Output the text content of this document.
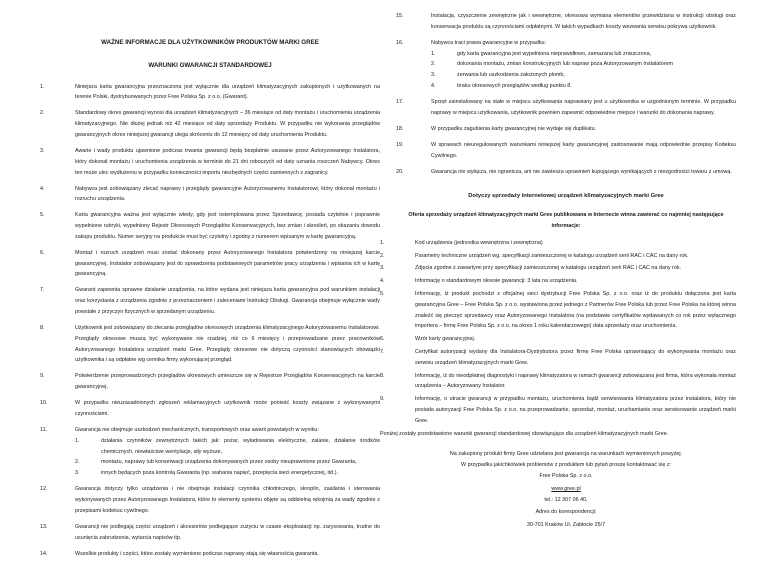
WAŻNE INFORMACJE DLA UŻYTKOWNIKÓW PRODUKTÓW MARKI GREE
WARUNKI GWARANCJI STANDARDOWEJ
1.	Niniejsza karta gwarancyjna przeznaczona jest wyłącznie dla urządzeń klimatyzacyjnych zakupionych i użytkowanych na terenie Polski, dystrybuowanych przez Free Polska Sp. z o.o. (Gwarant).
2.	Standardowy okres gwarancji wynosi dla urządzeń klimatyzacyjnych – 36 miesiące od daty montażu i uruchomienia urządzenia klimatyzacyjnego. Nie dłużej jednak niż 42 miesiące od daty sprzedaży Produktu. W przypadku nie wykonania przeglądów gwarancyjnych okres niniejszej gwarancji ulega skróceniu do 12 miesięcy od daty uruchomienia Produktu.
3.	Awarie i wady produktu ujawnione podczas trwania gwarancji będą bezpłatnie usuwane przez Autoryzowanego Instalatora, który dokonał montażu i uruchomienia urządzenia w terminie do 21 dni roboczych od daty uznania roszczeń Nabywcy. Okres ten może ulec wydłużeniu w przypadku konieczności importu niezbędnych części zamiennych z zagranicy.
4.	Nabywca jest zobowiązany zlecać naprawy i przeglądy gwarancyjne Autoryzowanemu Instalatorowi, który dokonał montażu i rozruchu urządzenia.
5.	Karta gwarancyjna ważna jest wyłącznie wtedy, gdy jest ostemplowana przez Sprzedawcę, posiada czytelnie i poprawnie wypełnione rubryki, wypełniony Rejestr Okresowych Przeglądów Konserwacyjnych, bez zmian i skreśleń, po okazaniu dowodu zakupu produktu. Numer seryjny na produkcie musi być czytelny i zgodny z numerem wpisanym w kartę gwarancyjną.
6.	Montaż i rozruch urządzeń musi zostać dokonany przez Autoryzowanego Instalatora potwierdzony na niniejszej karcie gwarancyjnej. Instalator zobowiązany jest do sprawdzenia podstawowych parametrów pracy urządzenia i wpisania ich w kartę gwarancyjną.
7.	Gwarant zapewnia sprawne działanie urządzenia, na które wydana jest niniejsza karta gwarancyjna pod warunkiem instalacji oraz korzystania z urządzenia zgodnie z przeznaczeniem i zaleceniami Instrukcji Obsługi. Gwarancja obejmuje wyłącznie wady powstałe z przyczyn fizycznych w sprzedanym urządzeniu.
8.	Użytkownik jest zobowiązany do zlecania przeglądów okresowych urządzenia klimatyzacyjnego Autoryzowanemu Instalatorowi. Przeglądy okresowe muszą być wykonywane nie rzadziej, niż co 6 miesięcy i przeprowadzane przez pracowników Autoryzowanego Instalatora urządzeń marki Gree. Przeglądy okresowe nie dotyczą czynności stanowiących obowiązki użytkownika i są odpłatne wg cennika firmy wykonującej przegląd.
9.	Potwierdzenie przeprowadzonych przeglądów okresowych umieszcze się w Rejestrze Przeglądów Konserwacyjnych na karcie gwarancyjnej.
10.	W przypadku nieuzasadnionych zgłoszeń reklamacyjnych użytkownik może ponieść koszty związane z wykonywanymi czynnościami.
11.	Gwarancja nie obejmuje uszkodzeń mechanicznych, transportowych oraz awarii powstałych w wyniku:
1.	działania czynników zewnętrznych takich jak: pożar, wyładowania elektryczne, zalanie, działanie środków chemicznych, niewłaściwe wentylacje, siły wyższe,
2.	montażu, naprawy lub konserwacji urządzenia dokonywanych przez osoby nieuprawnione przez Gwaranta,
3.	innych będących poza kontrolą Gwaranta (np. wahania napięć, przepięcia sieci energetycznej, itd.).
12.	Gwarancja dotyczy tylko urządzenia i nie obejmuje instalacji czynnika chłodniczego, skroplin, zasilania i sterowania wykonywanych przez Autoryzowanego Instalatora, które to elementy systemu objęte są oddzielną rękojmią za wady zgodnie z przepisami kodeksu cywilnego.
13.	Gwarancji nie podlegają części urządzeń i akcesoriów podlegające zużyciu w czasie eksploatacji np. zarysowania, trudne do usunięcia zabrudzenia, wytarcia napisów itp.
14.	Wszelkie produkty i części, które zostały wymienione podczas naprawy stają się własnością gwaranta.
15.	Instalacja, czyszczenie zewnętrzne jak i wewnętrzne, okresowa wymiana elementów przewidziana w instrukcji obsługi oraz konserwacja produktu są czynnościami odpłatnymi. W takich wypadkach koszty wezwania serwisu pokrywa użytkownik.
16.	Nabywca traci prawa gwarancyjne w przypadku:
1.	gdy karta gwarancyjna jest wypełniona nieprawidłowo, zamazana lub zniszczona,
2.	dokonania montażu, zmian konstrukcyjnych lub napraw poza Autoryzowanym Instalatorem
3.	zerwania lub uszkodzenia założonych plomb,
4.	braku okresowych przeglądów według punktu 8.
17.	Sprzęt zainstalowany na stałe w miejscu użytkowania naprawiany jest u użytkownika w uzgodnionym terminie. W przypadku naprawy w miejscu użytkowania, użytkownik powinien zapewnić odpowiednie miejsce i warunki do dokonania naprawy.
18.	W przypadku zagubienia karty gwarancyjnej nie wydaje się duplikatu.
19.	W sprawach nieuregulowanych warunkami niniejszej karty gwarancyjnej zastosowanie mają odpowiednie przepisy Kodeksu Cywilnego.
20.	Gwarancja nie wyłącza, nie ogranicza, ani nie zawiesza uprawnień kupującego wynikających z niezgodności towaru z umową.
Dotyczy sprzedaży internetowej urządzeń klimatyzacyjnych marki Gree
Oferta sprzedaży urządzeń klimatyzacyjnych marki Gree publikowana w Internecie winna zawierać co najmniej następujące informacje:
1.	Kod urządzenia (jednostka wewnętrzna i zewnętrzna)
2.	Parametry techniczne urządzeń wg. specyfikacji zamieszczonej w katalogu urządzeń serii RAC i CAC na dany rok.
3.	Zdjęcia zgodne z zawartymi przy specyfikacji zamieszczonej w katalogu urządzeń serii RAC i CAC na dany rok.
4.	Informację o standardowym okresie gwarancji: 3 lata na urządzenia.
5.	Informację, iż produkt pochodzi z oficjalnej sieci dystrybucji Free Polska Sp. z o.o. oraz iż do produktu dołączona jest karta gwarancyjna Gree – Free Polska Sp. z o.o. wystawiona przez jednego z Partnerów Free Polska lub przez Free Polska na której winna znaleźć się pieczęć sprzedawcy oraz Autoryzowanego Instalatora (na podstawie certyfikatów wydawanych co rok przez wyłącznego importera – firmę Free Polska Sp. z o.o. na okres 1 roku kalendarzowego) data sprzedaży oraz uruchomienia.
6.	Wzór karty gwarancyjnej.
7.	Certyfikat autoryzacji wydany dla Instalatora-Dystrybutora przez firmę Free Polska uprawniający do wykonywania montażu oraz serwisu urządzeń klimatyzacyjnych marki Gree.
8.	Informację, iż do nieodpłatnej diagnostyki i naprawy klimatyzatora w ramach gwarancji zobowiązana jest firma, która wykonała montaż urządzenia – Autoryzowany Instalator.
9.	Informację, o utracie gwarancji w przypadku montażu, uruchomienia bądź serwisowania klimatyzatora przez instalatora, który nie posiada autoryzacji Free Polska Sp. z o.o. na przeprowadzanie, sprzedaż, montaż, uruchamianie oraz serwisowanie urządzeń marki Gree.
Poniżej zostały przedstawione warunki gwarancji standardowej obowiązujące dla urządzeń klimatyzacyjnych marki Gree.
Na zakupiony produkt firmy Gree udzielana jest gwarancja na warunkach wymienionych powyżej.
W przypadku jakichkolwiek problemów z produktem lub pytań proszę kontaktować się z:
Free Polska Sp. z o.o.
www.gree.pl
tel.: 12 307 06 40,
Adres do korespondencji:
30-701 Kraków Ul. Zabłocie 25/7
